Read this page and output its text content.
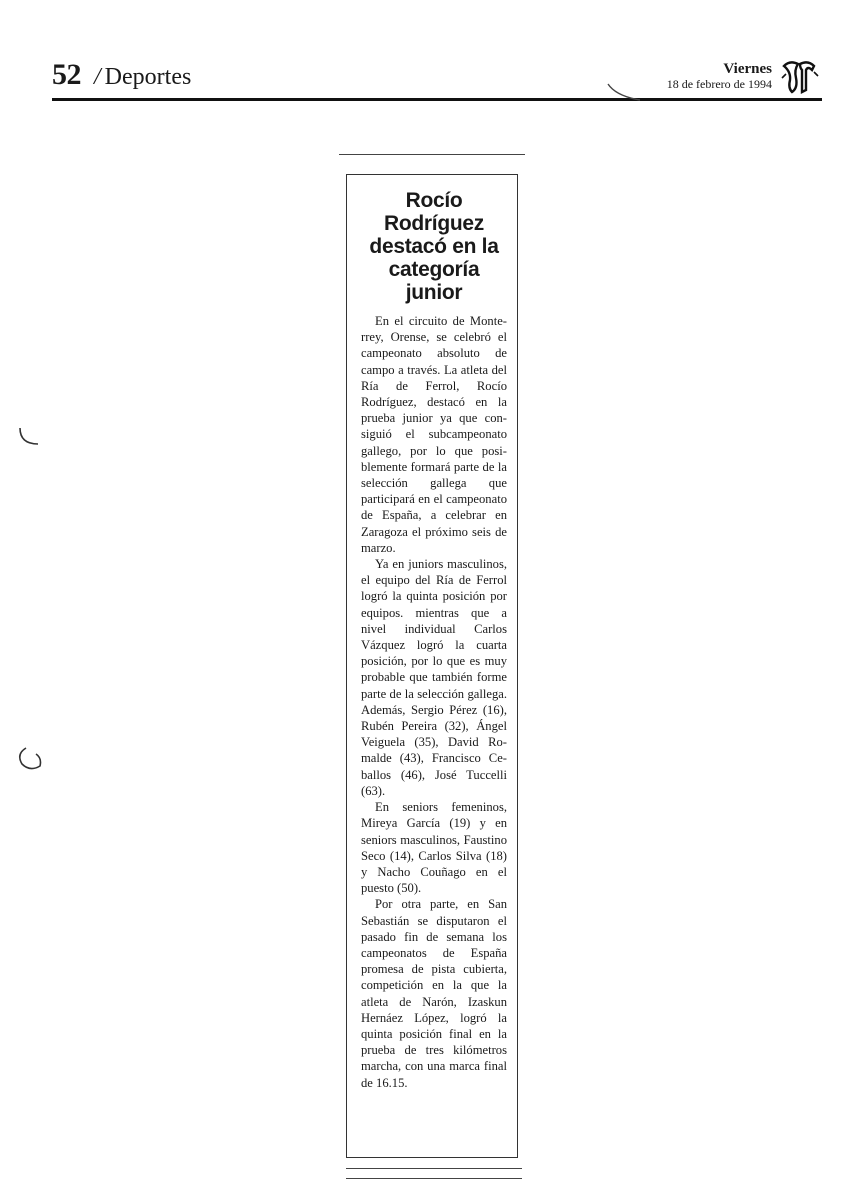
52 / Deportes	Viernes
18 de febrero de 1994
Rocío Rodríguez destacó en la categoría junior

En el circuito de Monterrey, Orense, se celebró el campeonato absoluto de campo a través. La atleta del Ría de Ferrol, Rocío Rodríguez, destacó en la prueba junior ya que consiguió el subcampeonato gallego, por lo que posiblemente formará parte de la selección gallega que participará en el campeonato de España, a celebrar en Zaragoza el próximo seis de marzo.

Ya en juniors masculinos, el equipo del Ría de Ferrol logró la quinta posición por equipos. mientras que a nivel individual Carlos Vázquez logró la cuarta posición, por lo que es muy probable que también forme parte de la selección gallega. Además, Sergio Pérez (16), Rubén Pereira (32), Ángel Veiguela (35), David Romalde (43), Francisco Ceballos (46), José Tuccelli (63).

En seniors femeninos, Mireya García (19) y en seniors masculinos, Faustino Seco (14), Carlos Silva (18) y Nacho Couñago en el puesto (50).

Por otra parte, en San Sebastián se disputaron el pasado fin de semana los campeonatos de España promesa de pista cubierta, competición en la que la atleta de Narón, Izaskun Hernáez López, logró la quinta posición final en la prueba de tres kilómetros marcha, con una marca final de 16.15.
